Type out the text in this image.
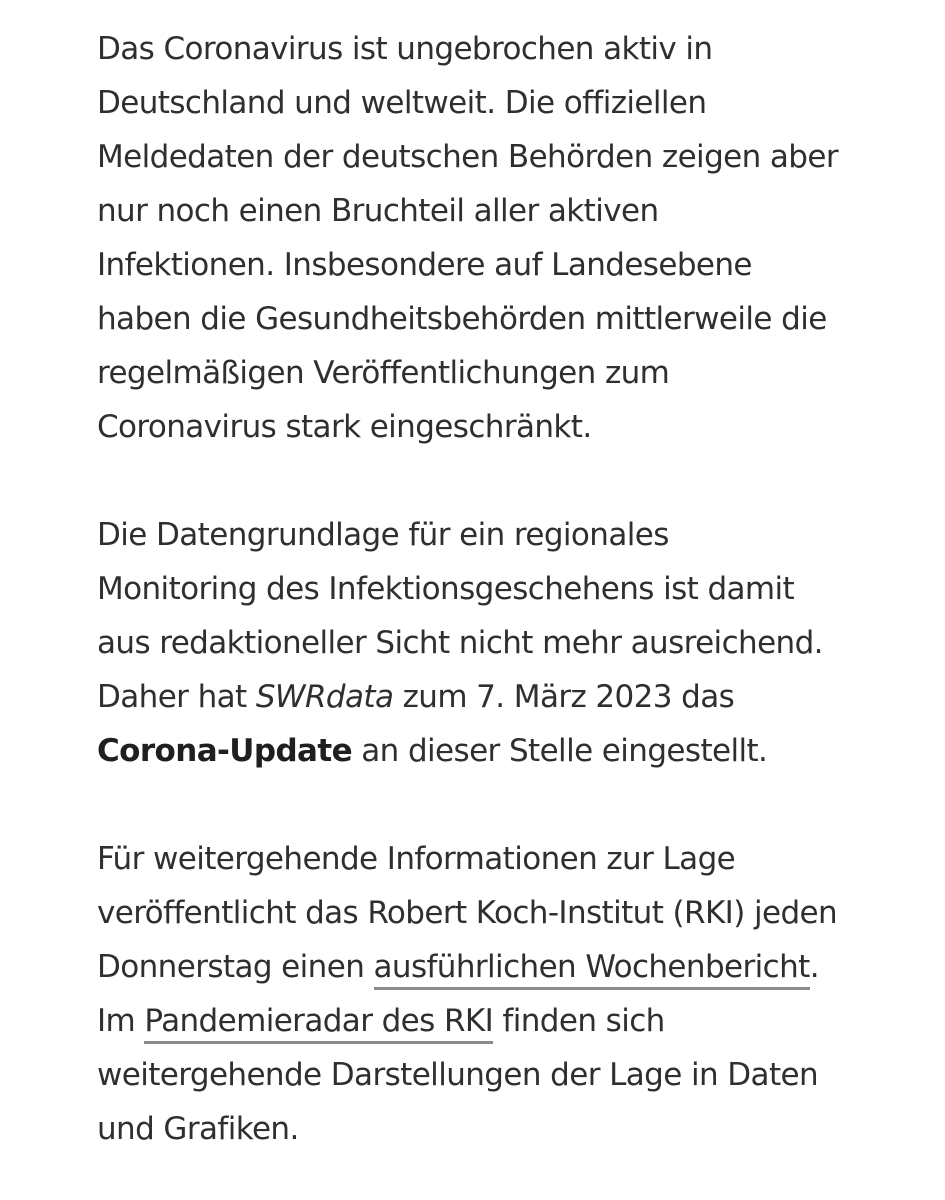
Das Coronavirus ist ungebrochen aktiv in
Deutschland und weltweit. Die offiziellen
Meldedaten der deutschen Behörden zeigen aber
nur noch einen Bruchteil aller aktiven
Infektionen. Insbesondere auf Landesebene
haben die Gesundheitsbehörden mittlerweile die
regelmäßigen Veröffentlichungen zum
Coronavirus stark eingeschränkt.

Die Datengrundlage für ein regionales
Monitoring des Infektionsgeschehens ist damit
aus redaktioneller Sicht nicht mehr ausreichend.
Daher hat SWRdata zum 7. März 2023 das
Corona-Update an dieser Stelle eingestellt.

Für weitergehende Informationen zur Lage
veröffentlicht das Robert Koch-Institut (RKI) jeden
Donnerstag einen ausführlichen Wochenbericht.
Im Pandemieradar des RKI finden sich
weitergehende Darstellungen der Lage in Daten
und Grafiken.
